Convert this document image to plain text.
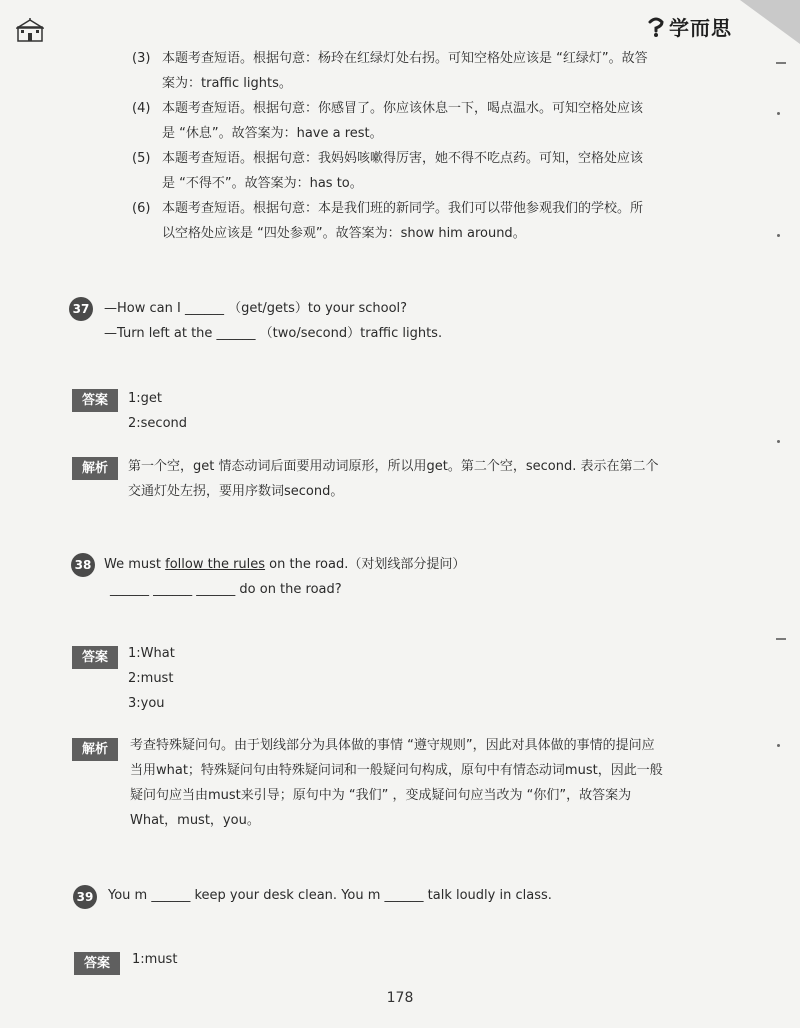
学而思
(3) 本题考查短语。根据句意：杨玲在红绿灯处右拐。可知空格处应该是 “红绿灯”。故答
案为：traffic lights。
(4) 本题考查短语。根据句意：你感冒了。你应该休息一下，喝点温水。可知空格处应该
是 “休息”。故答案为：have a rest。
(5) 本题考查短语。根据句意：我妈妈咳嗽得厉害，她不得不吃点药。可知，空格处应该
是 “不得不”。故答案为：has to。
(6) 本题考查短语。根据句意：本是我们班的新同学。我们可以带他参观我们的学校。所
以空格处应该是 “四处参观”。故答案为：show him around。
37 —How can I ______ （get/gets）to your school?
—Turn left at the ______ （two/second）traffic lights.
答案	1:get
2:second
解析	第一个空，get 情态动词后面要用动词原形，所以用get。第二个空，second. 表示在第二个
交通灯处左拐，要用序数词second。
38 We must follow the rules on the road.（对划线部分提问）
______ ______ ______ do on the road?
答案	1:What
2:must
3:you
解析	考查特殊疑问句。由于划线部分为具体做的事情 “遵守规则”，因此对具体做的事情的提问应
当用what；特殊疑问句由特殊疑问词和一般疑问句构成，原句中有情态动词must，因此一般
疑问句应当由must来引导；原句中为 “我们” ，变成疑问句应当改为 “你们”，故答案为
What，must，you。
39 You m ______ keep your desk clean. You m ______ talk loudly in class.
答案	1:must
178
